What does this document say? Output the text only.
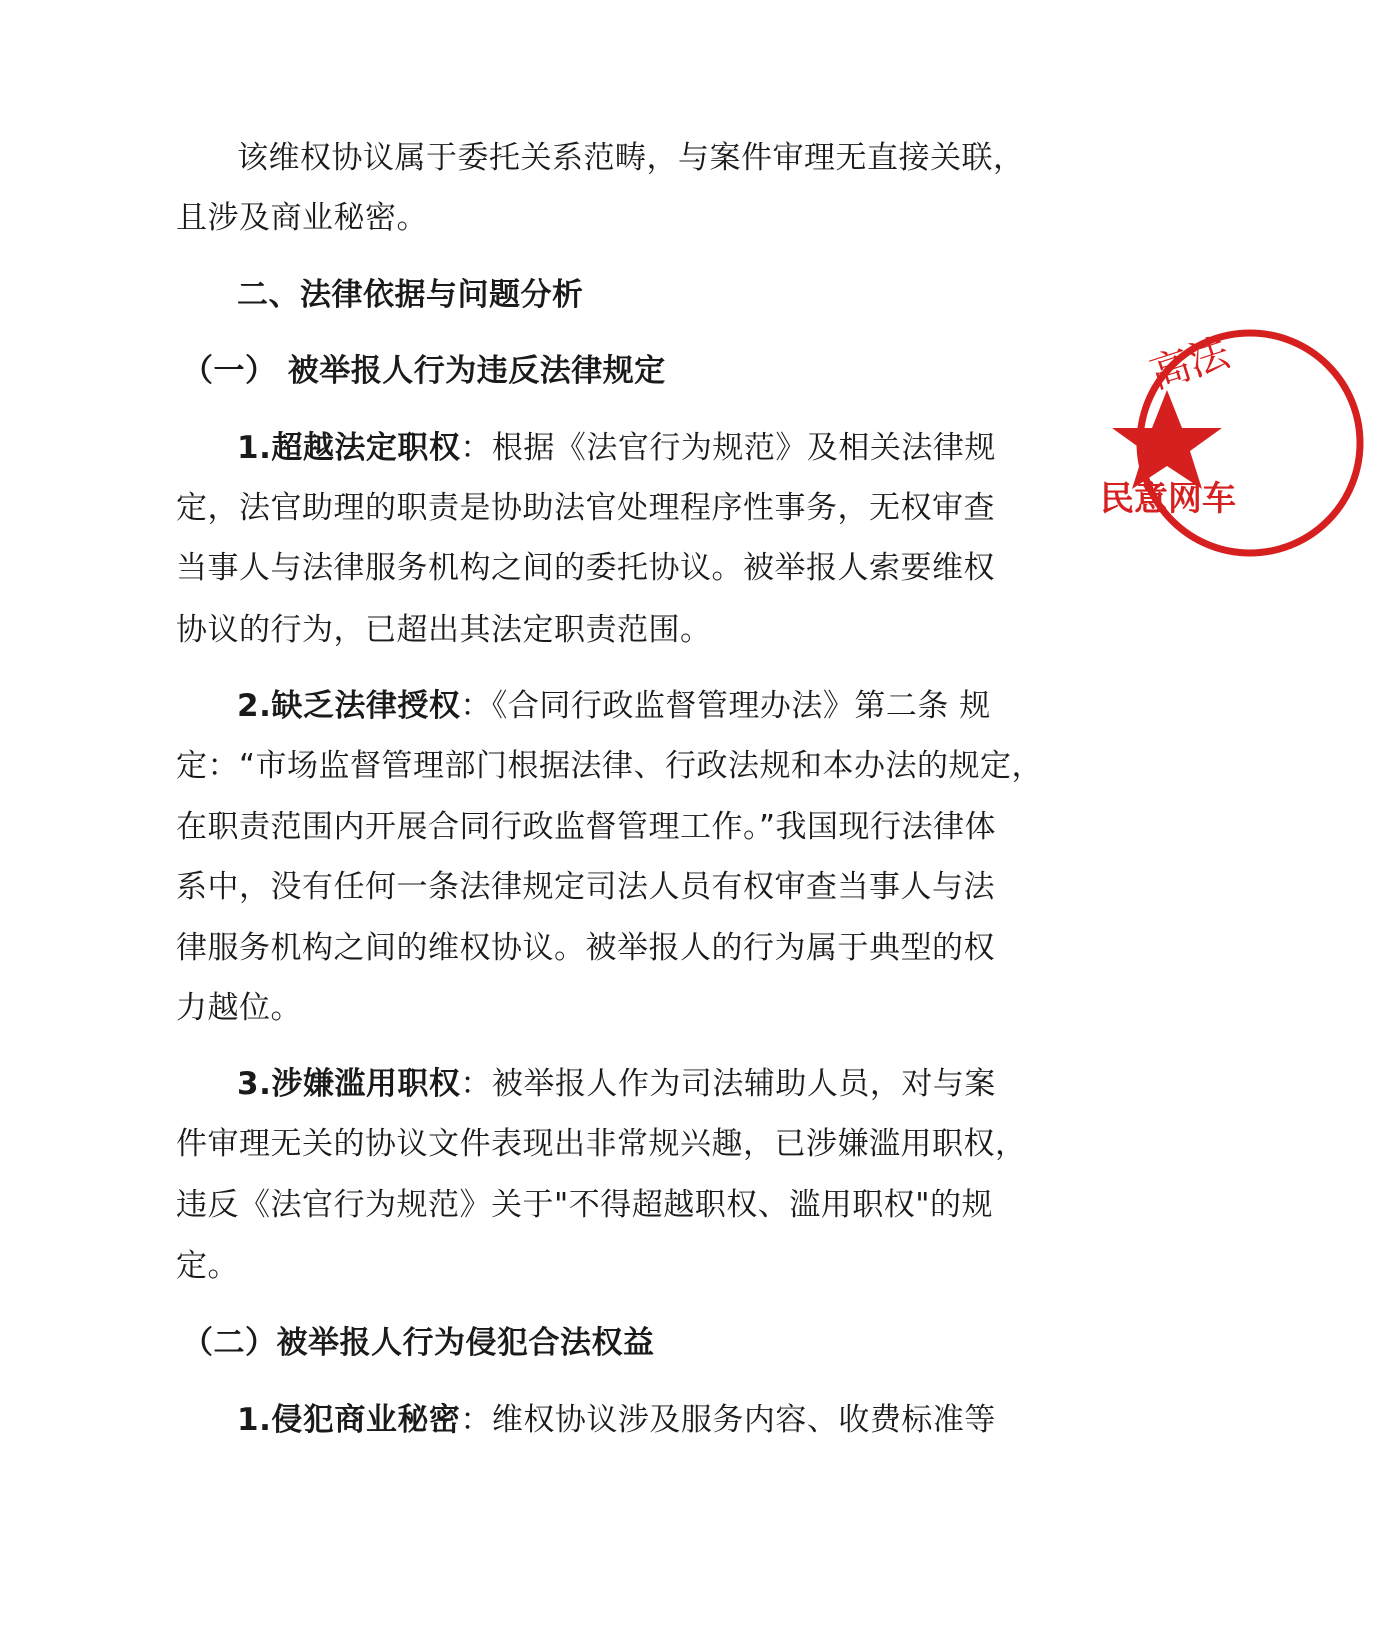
该维权协议属于委托关系范畴，与案件审理无直接关联，
且涉及商业秘密。
二、法律依据与问题分析
（一） 被举报人行为违反法律规定
1.超越法定职权：根据《法官行为规范》及相关法律规
定，法官助理的职责是协助法官处理程序性事务，无权审查
当事人与法律服务机构之间的委托协议。被举报人索要维权
协议的行为，已超出其法定职责范围。
2.缺乏法律授权：《合同行政监督管理办法》第二条 规
定：“市场监督管理部门根据法律、行政法规和本办法的规定，
在职责范围内开展合同行政监督管理工作。”我国现行法律体
系中，没有任何一条法律规定司法人员有权审查当事人与法
律服务机构之间的维权协议。被举报人的行为属于典型的权
力越位。
3.涉嫌滥用职权：被举报人作为司法辅助人员，对与案
件审理无关的协议文件表现出非常规兴趣，已涉嫌滥用职权，
违反《法官行为规范》关于"不得超越职权、滥用职权"的规
定。
（二）被举报人行为侵犯合法权益
1.侵犯商业秘密：维权协议涉及服务内容、收费标准等
高法
民意网车
